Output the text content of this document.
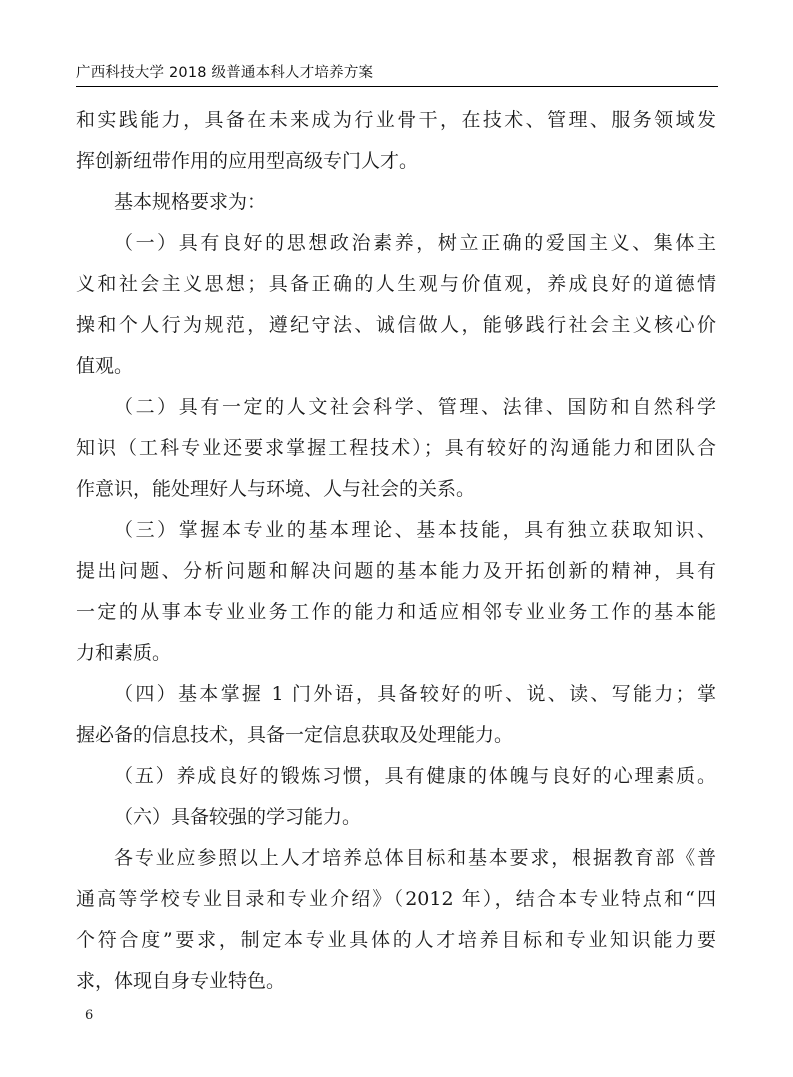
广西科技大学 2018 级普通本科人才培养方案
和实践能力，具备在未来成为行业骨干，在技术、管理、服务领域发
挥创新纽带作用的应用型高级专门人才。
基本规格要求为：
（一）具有良好的思想政治素养，树立正确的爱国主义、集体主
义和社会主义思想；具备正确的人生观与价值观，养成良好的道德情
操和个人行为规范，遵纪守法、诚信做人，能够践行社会主义核心价
值观。
（二）具有一定的人文社会科学、管理、法律、国防和自然科学
知识（工科专业还要求掌握工程技术）；具有较好的沟通能力和团队合
作意识，能处理好人与环境、人与社会的关系。
（三）掌握本专业的基本理论、基本技能，具有独立获取知识、
提出问题、分析问题和解决问题的基本能力及开拓创新的精神，具有
一定的从事本专业业务工作的能力和适应相邻专业业务工作的基本能
力和素质。
（四）基本掌握 1 门外语，具备较好的听、说、读、写能力；掌
握必备的信息技术，具备一定信息获取及处理能力。
（五）养成良好的锻炼习惯，具有健康的体魄与良好的心理素质。
（六）具备较强的学习能力。
各专业应参照以上人才培养总体目标和基本要求，根据教育部《普
通高等学校专业目录和专业介绍》（2012 年），结合本专业特点和“四
个符合度”要求，制定本专业具体的人才培养目标和专业知识能力要
求，体现自身专业特色。
6
